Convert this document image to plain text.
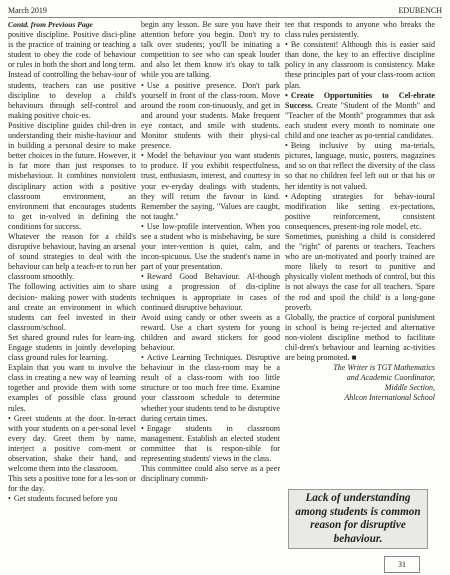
March 2019	EDUBENCH

Contd. from Previous Page

positive discipline. Positive disci-pline is the practice of training or teaching a student to obey the code of behaviour or rules in both the short and long term.

Instead of controlling the behav-iour of students, teachers can use positive discipline to develop a child's behaviours through self-control and making positive choic-es.

Positive discipline guides chil-dren in understanding their misbe-haviour and in building a personal desire to make better choices in the future. However, it is far more than just responses to misbehaviour. It combines nonviolent disciplinary action with a positive classroom environment, an environment that encourages students to get in-volved in defining the conditions for success.

Whatever the reason for a child's disruptive behaviour, having an arsenal of sound strategies to deal with the behaviour can help a teach-er to run her classroom smoothly.

The following activities aim to share decision- making power with students and create an environment in which students can feel invested in their classroom/school.

Set shared ground rules for learn-ing. Engage students in jointly developing class ground rules for learning.

Explain that you want to involve the class in creating a new way of learning together and provide them with some examples of possible class ground rules.

• Greet students at the door. In-teract with your students on a per-sonal level every day. Greet them by name, interject a positive com-ment or observation, shake their hand, and welcome them into the classroom.

This sets a positive tone for a les-son or for the day.

• Get students focused before you

begin any lesson. Be sure you have their attention before you begin. Don't try to talk over students; you'll be initiating a competition to see who can speak louder and also let them know it's okay to talk while you are talking.

• Use a positive presence. Don't park yourself in front of the class-room. Move around the room con-tinuously, and get in and around your students. Make frequent eye contact, and smile with students. Monitor students with their physi-cal presence.

• Model the behaviour you want students to produce. If you exhibit respectfulness, trust, enthusiasm, interest, and courtesy in your ev-eryday dealings with students, they will return the favour in kind. Remember the saying, "Values are caught, not taught."

• Use low-profile intervention. When you see a student who is misbehaving, be sure your inter-vention is quiet, calm, and incon-spicuous. Use the student's name in part of your presentation.

• Reward Good Behaviour. Al-though using a progression of dis-cipline techniques is appropriate in cases of continued disruptive behaviour.

Avoid using candy or other sweets as a reward. Use a chart system for young children and award stickers for good behaviour.

• Active Learning Techniques. Disruptive behaviour in the class-room may be a result of a class-room with too little structure or too much free time. Examine your classroom schedule to determine whether your students tend to be disruptive during certain times.

• Engage students in classroom management. Establish an elected student committee that is respon-sible for representing students' views in the class.

This committee could also serve as a peer disciplinary commit-

tee that responds to anyone who breaks the class rules persistently.

• Be consistent! Although this is easier said than done, the key to an effective discipline policy in any classroom is consistency. Make these principles part of your class-room action plan.

• Create Opportunities to Cel-ebrate Success. Create "Student of the Month" and "Teacher of the Month" programmes that ask each student every month to nominate one child and one teacher as po-tential candidates.

• Being inclusive by using ma-terials, pictures, language, music, posters, magazines and so on that reflect the diversity of the class so that no children feel left out or that his or her identity is not valued.

• Adopting strategies for behav-ioural modification like setting ex-pectations, positive reinforcement, consistent consequences, present-ing role model, etc.

Sometimes, punishing a child is considered the "right" of parents or teachers. Teachers who are un-motivated and poorly trained are more likely to resort to punitive and physically violent methods of control, but this is not always the case for all teachers. 'Spare the rod and spoil the child' is a long-gone proverb.

Globally, the practice of corporal punishment in school is being re-jected and alternative non-violent discipline method to facilitate chil-dren's behaviour and learning ac-tivities are being promoted. ■

The Writer is TGT Mathematics
and Academic Coordinator,
Middle Section,
Ahlcon International School
Lack of understanding among students is common reason for disruptive behaviour.
31
